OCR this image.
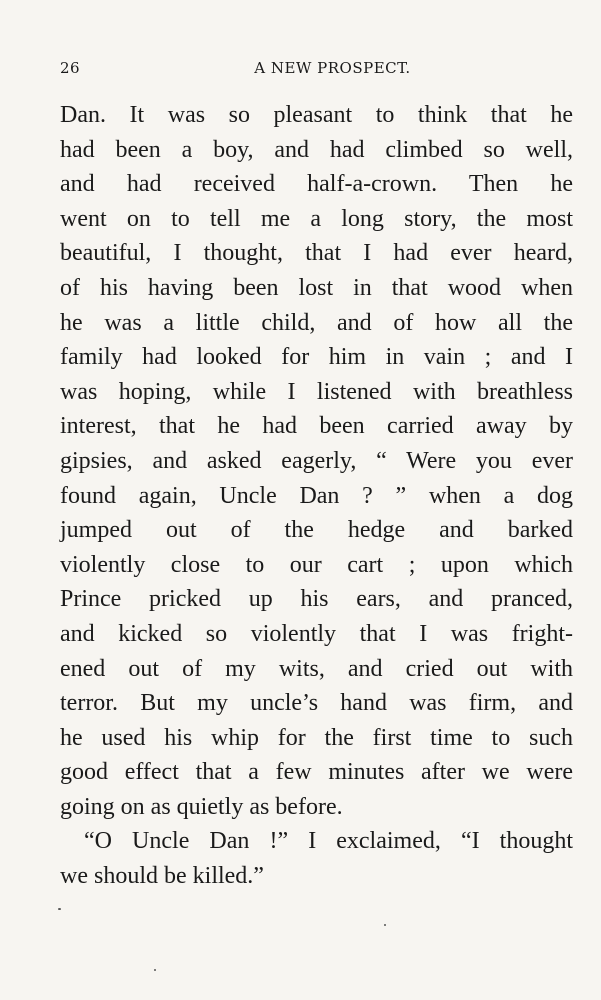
26	A NEW PROSPECT.
Dan. It was so pleasant to think that he
had been a boy, and had climbed so well,
and had received half-a-crown. Then he
went on to tell me a long story, the most
beautiful, I thought, that I had ever heard,
of his having been lost in that wood when
he was a little child, and of how all the
family had looked for him in vain ; and I
was hoping, while I listened with breathless
interest, that he had been carried away by
gipsies, and asked eagerly, “ Were you ever
found again, Uncle Dan ? ” when a dog
jumped out of the hedge and barked
violently close to our cart ; upon which
Prince pricked up his ears, and pranced,
and kicked so violently that I was fright-
ened out of my wits, and cried out with
terror. But my uncle’s hand was firm, and
he used his whip for the first time to such
good effect that a few minutes after we were
going on as quietly as before.
“O Uncle Dan !” I exclaimed, “I thought
we should be killed.”
